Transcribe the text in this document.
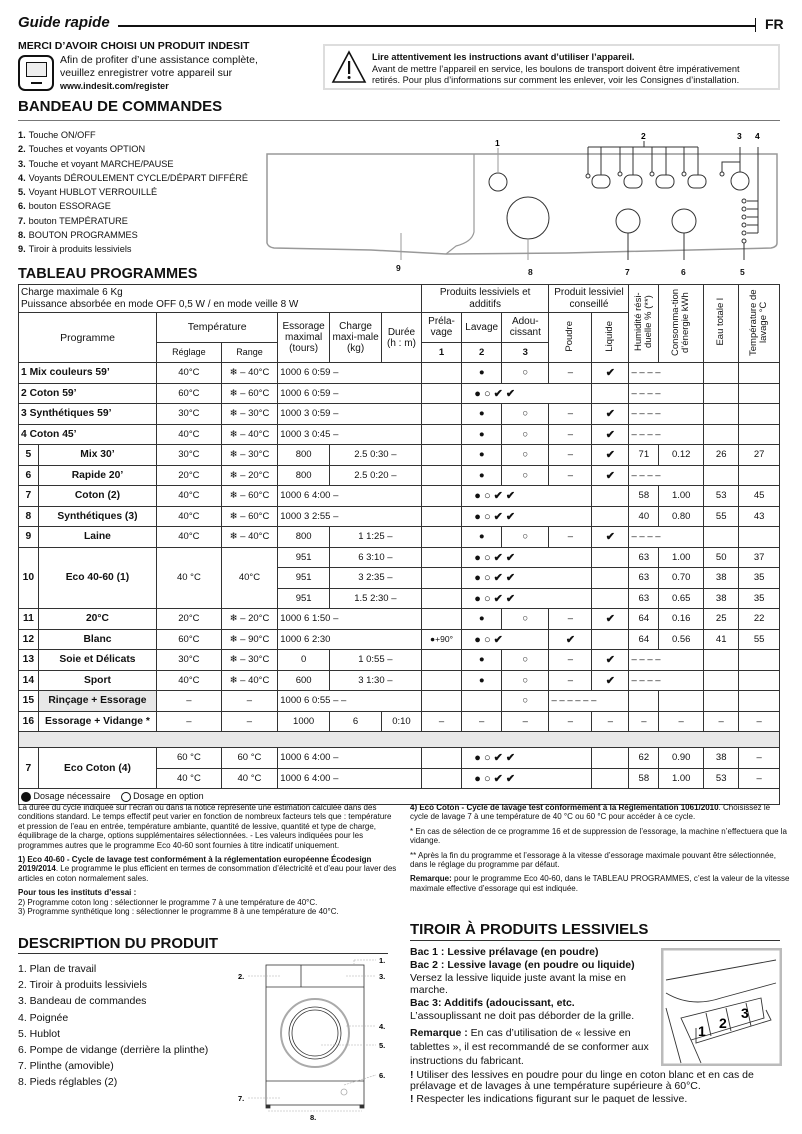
Guide rapide	FR
MERCI D’AVOIR CHOISI UN PRODUIT INDESIT
Afin de profiter d’une assistance complète,
veuillez enregistrer votre appareil sur
www.indesit.com/register
Lire attentivement les instructions avant d’utiliser l’appareil.
Avant de mettre l’appareil en service, les boulons de transport doivent être impérativement
retirés. Pour plus d’informations sur comment les enlever, voir les Consignes d’installation.
BANDEAU DE COMMANDES
1. Touche ON/OFF
2. Touches et voyants OPTION
3. Touche et voyant MARCHE/PAUSE
4. Voyants DÉROULEMENT CYCLE/DÉPART DIFFÉRÉ
5. Voyant HUBLOT VERROUILLÉ
6. bouton ESSORAGE
7. bouton TEMPÉRATURE
8. BOUTON PROGRAMMES
9. Tiroir à produits lessiviels
1
2	3 4
9	8	7	6	5
TABLEAU PROGRAMMES
Charge maximale 6 Kg
Puissance absorbée en mode OFF 0,5 W / en mode veille 8 W							Produits lessiviels et additifs			Produit lessiviel conseillé		Humidité rési-duelle % (**)	Consomma-tion d’énergie kWh	Eau totale l	Température de lavage °C
Programme		Température		Essorage maximal (tours)	Charge maxi-male (kg)	Durée (h : m)	Préla-vage	Lavage	Adou-cissant	Poudre	Liquide				
		Réglage	Range				1	2	3						
1 Mix couleurs 59’		40°C	❄ – 40°C	1000 6 0:59 –				●	○	–	✔	– – – –			
2 Coton 59’		60°C	❄ – 60°C	1000 6 0:59 –				● ○ ✔ ✔				– – – –			
3 Synthétiques 59’		30°C	❄ – 30°C	1000 3 0:59 –				●	○	–	✔	– – – –			
4 Coton 45’		40°C	❄ – 40°C	1000 3 0:45 –				●	○	–	✔	– – – –			
5	Mix 30’	30°C	❄ – 30°C	800	2.5 0:30 –			●	○	–	✔	71	0.12	26	27
6	Rapide 20’	20°C	❄ – 20°C	800	2.5 0:20 –			●	○	–	✔	– – – –			
7	Coton (2)	40°C	❄ – 60°C	1000 6 4:00 –				● ○ ✔ ✔				58	1.00	53	45
8	Synthétiques (3)	40°C	❄ – 60°C	1000 3 2:55 –				● ○ ✔ ✔				40	0.80	55	43
9	Laine	40°C	❄ – 40°C	800	1 1:25 –			●	○	–	✔	– – – –			
10	Eco 40-60 (1)	40 °C	40°C	951	6 3:10 –			● ○ ✔ ✔				63	1.00	50	37
				951	3 2:35 –			● ○ ✔ ✔				63	0.70	38	35
				951	1.5 2:30 –			● ○ ✔ ✔				63	0.65	38	35
11	20°C	20°C	❄ – 20°C	1000 6 1:50 –				●	○	–	✔	64	0.16	25	22
12	Blanc	60°C	❄ – 90°C	1000 6 2:30			●+90°	● ○ ✔		✔		64	0.56	41	55
13	Soie et Délicats	30°C	❄ – 30°C	0	1 0:55 –			●	○	–	✔	– – – –			
14	Sport	40°C	❄ – 40°C	600	3 1:30 –			●	○	–	✔	– – – –			
15	Rinçage + Essorage	–	–	1000 6 0:55 – –					○	– – – – – –					
16	Essorage + Vidange *	–	–	1000	6	0:10	–	–	–	–	–	–	–	–	–

7	Eco Coton (4)	60 °C	60 °C	1000 6 4:00 –				● ○ ✔ ✔				62	0.90	38	–
		40 °C	40 °C	1000 6 4:00 –				● ○ ✔ ✔				58	1.00	53	–
Dosage nécessaire Dosage en option															

La durée du cycle indiquée sur l’écran ou dans la notice représente une estimation calculée dans des conditions standard. Le temps effectif peut varier en fonction de nombreux facteurs tels que : température et pression de l’eau en entrée, température ambiante, quantité de lessive, quantité et type de charge, équilibrage de la charge, options supplémentaires sélectionnées. - Les valeurs indiquées pour les programmes autres que le programme Eco 40-60 sont fournies à titre indicatif uniquement.

1) Eco 40-60 - Cycle de lavage test conformément à la réglementation européenne Écodesign 2019/2014. Le programme le plus efficient en termes de consommation d’électricité et d’eau pour laver des articles en coton normalement sales.

Pour tous les instituts d’essai :
2) Programme coton long : sélectionner le programme 7 à une température de 40°C.
3) Programme synthétique long : sélectionner le programme 8 à une température de 40°C.

4) Eco Coton - Cycle de lavage test conformément à la Réglementation 1061/2010. Choisissez le cycle de lavage 7 à une température de 40 °C ou 60 °C pour accéder à ce cycle.

* En cas de sélection de ce programme 16 et de suppression de l’essorage, la machine n’effectuera que la vidange.

** Après la fin du programme et l’essorage à la vitesse d’essorage maximale pouvant être sélectionnée, dans le réglage du programme par défaut.

Remarque: pour le programme Eco 40-60, dans le TABLEAU PROGRAMMES, c’est la valeur de la vitesse maximale effective d’essorage qui est indiquée.

DESCRIPTION DU PRODUIT
1. Plan de travail
2. Tiroir à produits lessiviels
3. Bandeau de commandes
4. Poignée
5. Hublot
6. Pompe de vidange (derrière la plinthe)
7. Plinthe (amovible)
8. Pieds réglables (2)
1.
2.	3.
4.
5.
6.
7.
8.
TIROIR À PRODUITS LESSIVIELS
Bac 1 : Lessive prélavage (en poudre)
Bac 2 : Lessive lavage (en poudre ou liquide)
Versez la lessive liquide juste avant la mise en marche.
Bac 3: Additifs (adoucissant, etc.
L’assouplissant ne doit pas déborder de la grille.
Remarque : En cas d’utilisation de « lessive en tablettes », il est recommandé de se conformer aux instructions du fabricant.
! Utiliser des lessives en poudre pour du linge en coton blanc et en cas de prélavage et de lavages à une température supérieure à 60°C.
! Respecter les indications figurant sur le paquet de lessive.
1 2
3
